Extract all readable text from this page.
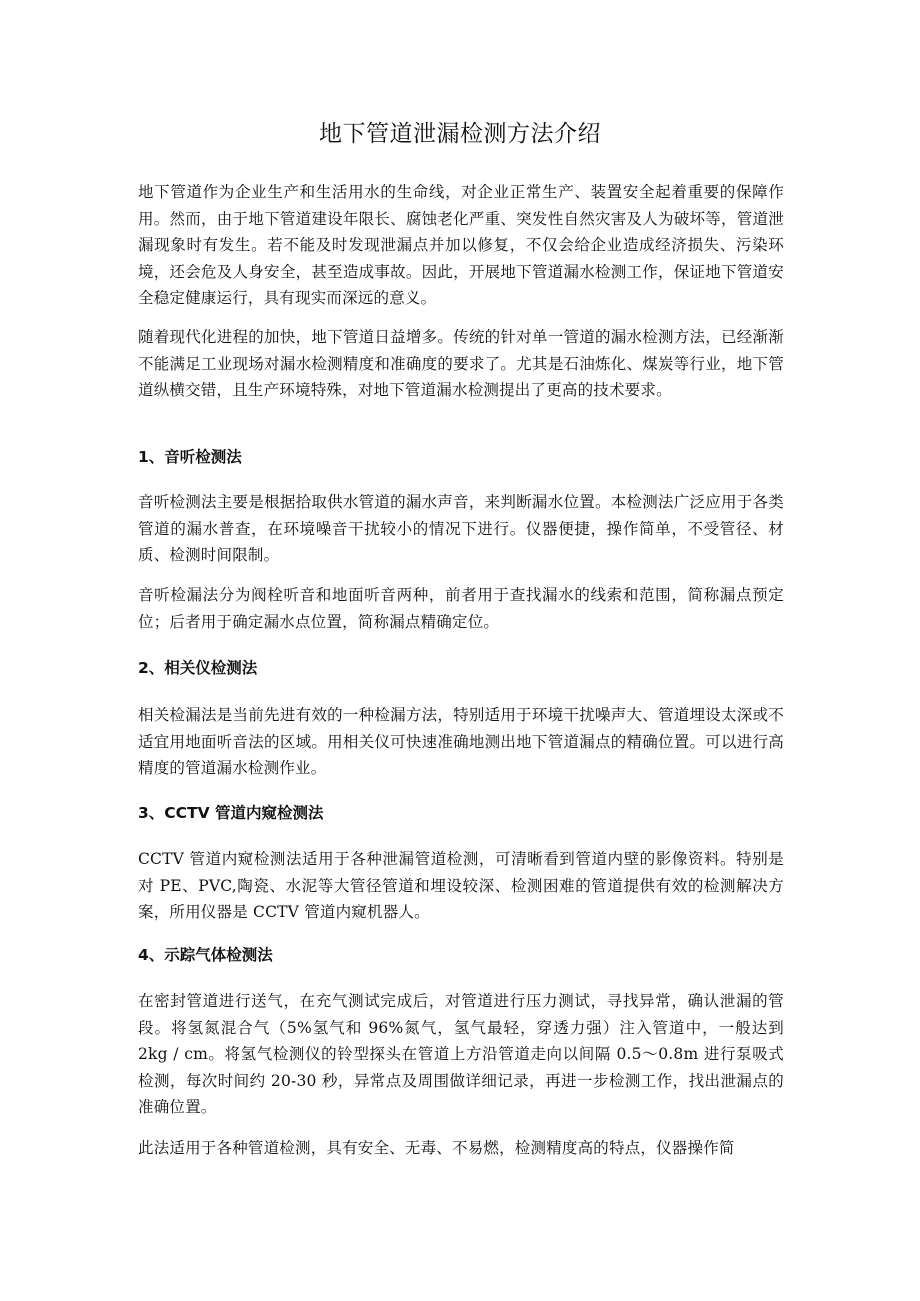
地下管道泄漏检测方法介绍

地下管道作为企业生产和生活用水的生命线，对企业正常生产、装置安全起着重要的保障作用。然而，由于地下管道建设年限长、腐蚀老化严重、突发性自然灾害及人为破坏等，管道泄漏现象时有发生。若不能及时发现泄漏点并加以修复，不仅会给企业造成经济损失、污染环境，还会危及人身安全，甚至造成事故。因此，开展地下管道漏水检测工作，保证地下管道安全稳定健康运行，具有现实而深远的意义。

随着现代化进程的加快，地下管道日益增多。传统的针对单一管道的漏水检测方法，已经渐渐不能满足工业现场对漏水检测精度和准确度的要求了。尤其是石油炼化、煤炭等行业，地下管道纵横交错，且生产环境特殊，对地下管道漏水检测提出了更高的技术要求。

1、音听检测法

音听检测法主要是根据拾取供水管道的漏水声音，来判断漏水位置。本检测法广泛应用于各类管道的漏水普查，在环境噪音干扰较小的情况下进行。仪器便捷，操作简单，不受管径、材质、检测时间限制。

音听检漏法分为阀栓听音和地面听音两种，前者用于查找漏水的线索和范围，简称漏点预定位；后者用于确定漏水点位置，简称漏点精确定位。

2、相关仪检测法

相关检漏法是当前先进有效的一种检漏方法，特别适用于环境干扰噪声大、管道埋设太深或不适宜用地面听音法的区域。用相关仪可快速准确地测出地下管道漏点的精确位置。可以进行高精度的管道漏水检测作业。

3、CCTV 管道内窥检测法

CCTV 管道内窥检测法适用于各种泄漏管道检测，可清晰看到管道内壁的影像资料。特别是对 PE、PVC,陶瓷、水泥等大管径管道和埋设较深、检测困难的管道提供有效的检测解决方案，所用仪器是 CCTV 管道内窥机器人。

4、示踪气体检测法

在密封管道进行送气，在充气测试完成后，对管道进行压力测试，寻找异常，确认泄漏的管段。将氢氮混合气（5%氢气和 96%氮气，氢气最轻，穿透力强）注入管道中，一般达到 2kg / cm。将氢气检测仪的铃型探头在管道上方沿管道走向以间隔 0.5～0.8m 进行泵吸式检测，每次时间约 20-30 秒，异常点及周围做详细记录，再进一步检测工作，找出泄漏点的准确位置。

此法适用于各种管道检测，具有安全、无毒、不易燃，检测精度高的特点，仪器操作简
